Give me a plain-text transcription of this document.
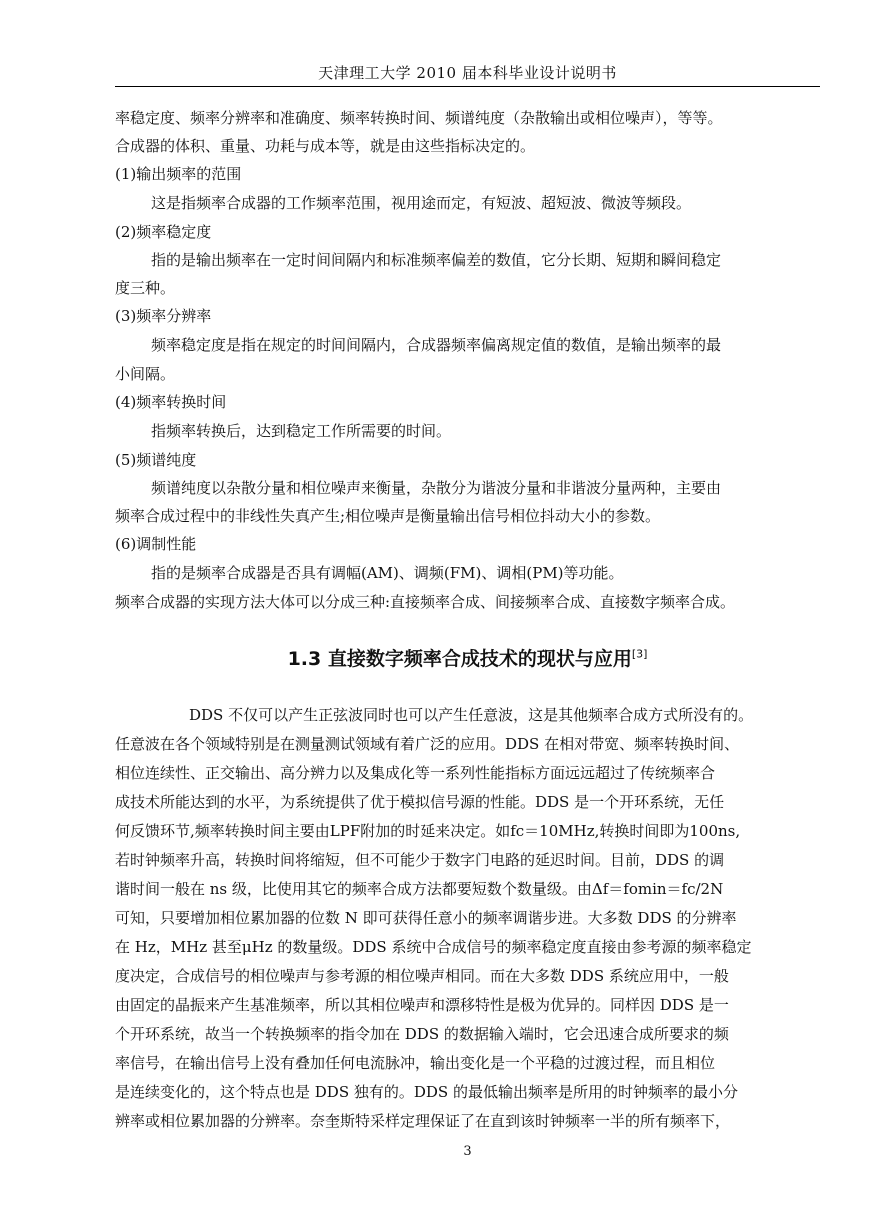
天津理工大学 2010 届本科毕业设计说明书
率稳定度、频率分辨率和准确度、频率转换时间、频谱纯度（杂散输出或相位噪声），等等。
合成器的体积、重量、功耗与成本等，就是由这些指标决定的。
(1)输出频率的范围
这是指频率合成器的工作频率范围，视用途而定，有短波、超短波、微波等频段。
(2)频率稳定度
指的是输出频率在一定时间间隔内和标准频率偏差的数值，它分长期、短期和瞬间稳定
度三种。
(3)频率分辨率
频率稳定度是指在规定的时间间隔内，合成器频率偏离规定值的数值，是输出频率的最
小间隔。
(4)频率转换时间
指频率转换后，达到稳定工作所需要的时间。
(5)频谱纯度
频谱纯度以杂散分量和相位噪声来衡量，杂散分为谐波分量和非谐波分量两种，主要由
频率合成过程中的非线性失真产生;相位噪声是衡量输出信号相位抖动大小的参数。
(6)调制性能
指的是频率合成器是否具有调幅(AM)、调频(FM)、调相(PM)等功能。
频率合成器的实现方法大体可以分成三种:直接频率合成、间接频率合成、直接数字频率合成。
1.3 直接数字频率合成技术的现状与应用[3]
DDS 不仅可以产生正弦波同时也可以产生任意波，这是其他频率合成方式所没有的。
任意波在各个领域特别是在测量测试领域有着广泛的应用。DDS 在相对带宽、频率转换时间、
相位连续性、正交输出、高分辨力以及集成化等一系列性能指标方面远远超过了传统频率合
成技术所能达到的水平，为系统提供了优于模拟信号源的性能。DDS 是一个开环系统，无任
何反馈环节,频率转换时间主要由LPF附加的时延来决定。如fc＝10MHz,转换时间即为100ns,
若时钟频率升高，转换时间将缩短，但不可能少于数字门电路的延迟时间。目前，DDS 的调
谐时间一般在 ns 级，比使用其它的频率合成方法都要短数个数量级。由Δf＝fomin＝fc/2N
可知，只要增加相位累加器的位数 N 即可获得任意小的频率调谐步进。大多数 DDS 的分辨率
在 Hz，MHz 甚至μHz 的数量级。DDS 系统中合成信号的频率稳定度直接由参考源的频率稳定
度决定，合成信号的相位噪声与参考源的相位噪声相同。而在大多数 DDS 系统应用中，一般
由固定的晶振来产生基准频率，所以其相位噪声和漂移特性是极为优异的。同样因 DDS 是一
个开环系统，故当一个转换频率的指令加在 DDS 的数据输入端时，它会迅速合成所要求的频
率信号，在输出信号上没有叠加任何电流脉冲，输出变化是一个平稳的过渡过程，而且相位
是连续变化的，这个特点也是 DDS 独有的。DDS 的最低输出频率是所用的时钟频率的最小分
辨率或相位累加器的分辨率。奈奎斯特采样定理保证了在直到该时钟频率一半的所有频率下，
3
